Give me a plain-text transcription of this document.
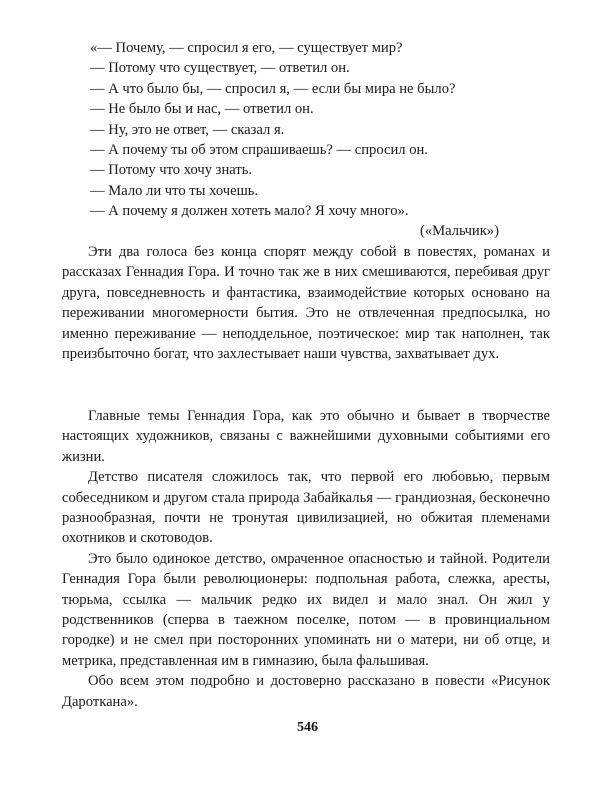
«— Почему, — спросил я его, — существует мир?
— Потому что существует, — ответил он.
— А что было бы, — спросил я, — если бы мира не было?
— Не было бы и нас, — ответил он.
— Ну, это не ответ, — сказал я.
— А почему ты об этом спрашиваешь? — спросил он.
— Потому что хочу знать.
— Мало ли что ты хочешь.
— А почему я должен хотеть мало? Я хочу много».
(«Мальчик»)

Эти два голоса без конца спорят между собой в повестях, романах и рассказах Геннадия Гора. И точно так же в них смешиваются, перебивая друг друга, повседневность и фантастика, взаимодействие которых основано на переживании многомерности бытия. Это не отвлеченная предпосылка, но именно переживание — неподдельное, поэтическое: мир так наполнен, так преизбыточно богат, что захлестывает наши чувства, захватывает дух.

Главные темы Геннадия Гора, как это обычно и бывает в творчестве настоящих художников, связаны с важнейшими духовными событиями его жизни.

Детство писателя сложилось так, что первой его любовью, первым собеседником и другом стала природа Забайкалья — грандиозная, бесконечно разнообразная, почти не тронутая цивилизацией, но обжитая племенами охотников и скотоводов.

Это было одинокое детство, омраченное опасностью и тайной. Родители Геннадия Гора были революционеры: подпольная работа, слежка, аресты, тюрьма, ссылка — мальчик редко их видел и мало знал. Он жил у родственников (сперва в таежном поселке, потом — в провинциальном городке) и не смел при посторонних упоминать ни о матери, ни об отце, и метрика, представленная им в гимназию, была фальшивая.

Обо всем этом подробно и достоверно рассказано в повести «Рисунок Дароткана».

546
